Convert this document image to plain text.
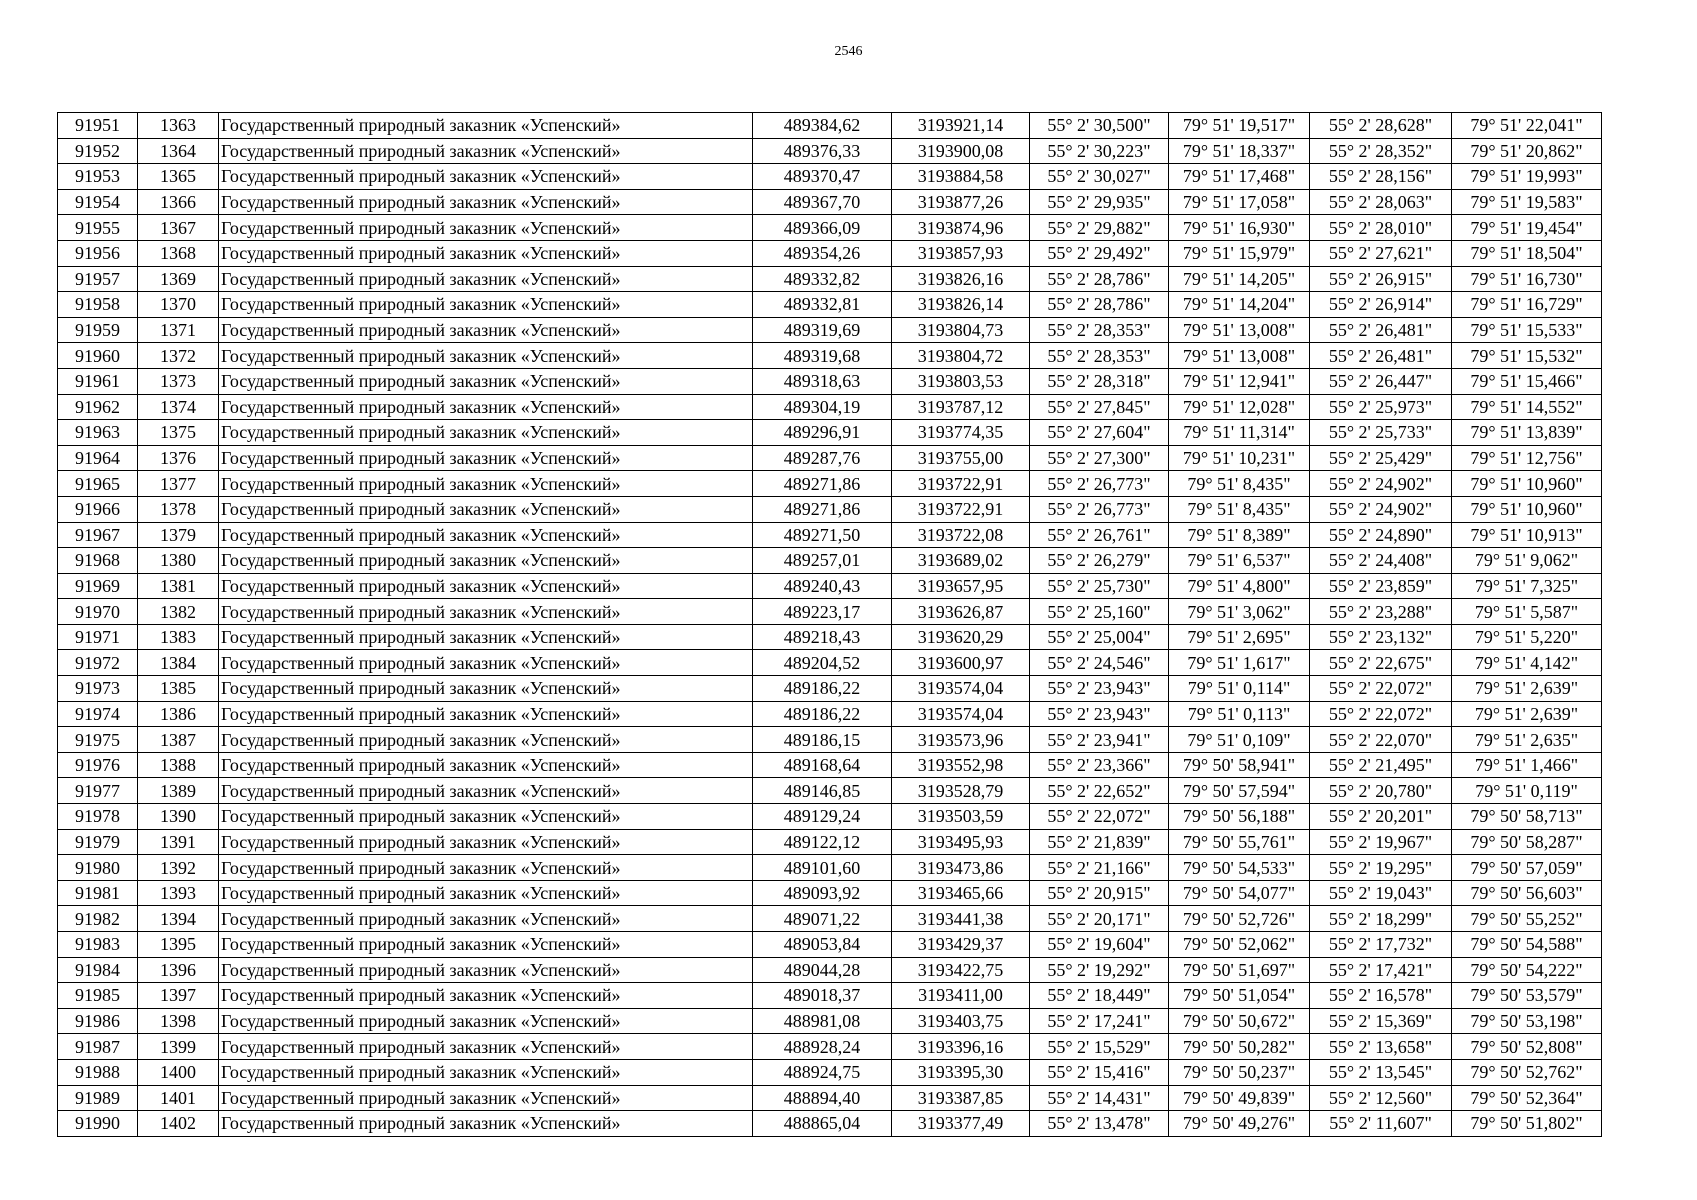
2546
91951	1363	Государственный природный заказник «Успенский»	489384,62	3193921,14	55° 2' 30,500"	79° 51' 19,517"	55° 2' 28,628"	79° 51' 22,041"
91952	1364	Государственный природный заказник «Успенский»	489376,33	3193900,08	55° 2' 30,223"	79° 51' 18,337"	55° 2' 28,352"	79° 51' 20,862"
91953	1365	Государственный природный заказник «Успенский»	489370,47	3193884,58	55° 2' 30,027"	79° 51' 17,468"	55° 2' 28,156"	79° 51' 19,993"
91954	1366	Государственный природный заказник «Успенский»	489367,70	3193877,26	55° 2' 29,935"	79° 51' 17,058"	55° 2' 28,063"	79° 51' 19,583"
91955	1367	Государственный природный заказник «Успенский»	489366,09	3193874,96	55° 2' 29,882"	79° 51' 16,930"	55° 2' 28,010"	79° 51' 19,454"
91956	1368	Государственный природный заказник «Успенский»	489354,26	3193857,93	55° 2' 29,492"	79° 51' 15,979"	55° 2' 27,621"	79° 51' 18,504"
91957	1369	Государственный природный заказник «Успенский»	489332,82	3193826,16	55° 2' 28,786"	79° 51' 14,205"	55° 2' 26,915"	79° 51' 16,730"
91958	1370	Государственный природный заказник «Успенский»	489332,81	3193826,14	55° 2' 28,786"	79° 51' 14,204"	55° 2' 26,914"	79° 51' 16,729"
91959	1371	Государственный природный заказник «Успенский»	489319,69	3193804,73	55° 2' 28,353"	79° 51' 13,008"	55° 2' 26,481"	79° 51' 15,533"
91960	1372	Государственный природный заказник «Успенский»	489319,68	3193804,72	55° 2' 28,353"	79° 51' 13,008"	55° 2' 26,481"	79° 51' 15,532"
91961	1373	Государственный природный заказник «Успенский»	489318,63	3193803,53	55° 2' 28,318"	79° 51' 12,941"	55° 2' 26,447"	79° 51' 15,466"
91962	1374	Государственный природный заказник «Успенский»	489304,19	3193787,12	55° 2' 27,845"	79° 51' 12,028"	55° 2' 25,973"	79° 51' 14,552"
91963	1375	Государственный природный заказник «Успенский»	489296,91	3193774,35	55° 2' 27,604"	79° 51' 11,314"	55° 2' 25,733"	79° 51' 13,839"
91964	1376	Государственный природный заказник «Успенский»	489287,76	3193755,00	55° 2' 27,300"	79° 51' 10,231"	55° 2' 25,429"	79° 51' 12,756"
91965	1377	Государственный природный заказник «Успенский»	489271,86	3193722,91	55° 2' 26,773"	79° 51' 8,435"	55° 2' 24,902"	79° 51' 10,960"
91966	1378	Государственный природный заказник «Успенский»	489271,86	3193722,91	55° 2' 26,773"	79° 51' 8,435"	55° 2' 24,902"	79° 51' 10,960"
91967	1379	Государственный природный заказник «Успенский»	489271,50	3193722,08	55° 2' 26,761"	79° 51' 8,389"	55° 2' 24,890"	79° 51' 10,913"
91968	1380	Государственный природный заказник «Успенский»	489257,01	3193689,02	55° 2' 26,279"	79° 51' 6,537"	55° 2' 24,408"	79° 51' 9,062"
91969	1381	Государственный природный заказник «Успенский»	489240,43	3193657,95	55° 2' 25,730"	79° 51' 4,800"	55° 2' 23,859"	79° 51' 7,325"
91970	1382	Государственный природный заказник «Успенский»	489223,17	3193626,87	55° 2' 25,160"	79° 51' 3,062"	55° 2' 23,288"	79° 51' 5,587"
91971	1383	Государственный природный заказник «Успенский»	489218,43	3193620,29	55° 2' 25,004"	79° 51' 2,695"	55° 2' 23,132"	79° 51' 5,220"
91972	1384	Государственный природный заказник «Успенский»	489204,52	3193600,97	55° 2' 24,546"	79° 51' 1,617"	55° 2' 22,675"	79° 51' 4,142"
91973	1385	Государственный природный заказник «Успенский»	489186,22	3193574,04	55° 2' 23,943"	79° 51' 0,114"	55° 2' 22,072"	79° 51' 2,639"
91974	1386	Государственный природный заказник «Успенский»	489186,22	3193574,04	55° 2' 23,943"	79° 51' 0,113"	55° 2' 22,072"	79° 51' 2,639"
91975	1387	Государственный природный заказник «Успенский»	489186,15	3193573,96	55° 2' 23,941"	79° 51' 0,109"	55° 2' 22,070"	79° 51' 2,635"
91976	1388	Государственный природный заказник «Успенский»	489168,64	3193552,98	55° 2' 23,366"	79° 50' 58,941"	55° 2' 21,495"	79° 51' 1,466"
91977	1389	Государственный природный заказник «Успенский»	489146,85	3193528,79	55° 2' 22,652"	79° 50' 57,594"	55° 2' 20,780"	79° 51' 0,119"
91978	1390	Государственный природный заказник «Успенский»	489129,24	3193503,59	55° 2' 22,072"	79° 50' 56,188"	55° 2' 20,201"	79° 50' 58,713"
91979	1391	Государственный природный заказник «Успенский»	489122,12	3193495,93	55° 2' 21,839"	79° 50' 55,761"	55° 2' 19,967"	79° 50' 58,287"
91980	1392	Государственный природный заказник «Успенский»	489101,60	3193473,86	55° 2' 21,166"	79° 50' 54,533"	55° 2' 19,295"	79° 50' 57,059"
91981	1393	Государственный природный заказник «Успенский»	489093,92	3193465,66	55° 2' 20,915"	79° 50' 54,077"	55° 2' 19,043"	79° 50' 56,603"
91982	1394	Государственный природный заказник «Успенский»	489071,22	3193441,38	55° 2' 20,171"	79° 50' 52,726"	55° 2' 18,299"	79° 50' 55,252"
91983	1395	Государственный природный заказник «Успенский»	489053,84	3193429,37	55° 2' 19,604"	79° 50' 52,062"	55° 2' 17,732"	79° 50' 54,588"
91984	1396	Государственный природный заказник «Успенский»	489044,28	3193422,75	55° 2' 19,292"	79° 50' 51,697"	55° 2' 17,421"	79° 50' 54,222"
91985	1397	Государственный природный заказник «Успенский»	489018,37	3193411,00	55° 2' 18,449"	79° 50' 51,054"	55° 2' 16,578"	79° 50' 53,579"
91986	1398	Государственный природный заказник «Успенский»	488981,08	3193403,75	55° 2' 17,241"	79° 50' 50,672"	55° 2' 15,369"	79° 50' 53,198"
91987	1399	Государственный природный заказник «Успенский»	488928,24	3193396,16	55° 2' 15,529"	79° 50' 50,282"	55° 2' 13,658"	79° 50' 52,808"
91988	1400	Государственный природный заказник «Успенский»	488924,75	3193395,30	55° 2' 15,416"	79° 50' 50,237"	55° 2' 13,545"	79° 50' 52,762"
91989	1401	Государственный природный заказник «Успенский»	488894,40	3193387,85	55° 2' 14,431"	79° 50' 49,839"	55° 2' 12,560"	79° 50' 52,364"
91990	1402	Государственный природный заказник «Успенский»	488865,04	3193377,49	55° 2' 13,478"	79° 50' 49,276"	55° 2' 11,607"	79° 50' 51,802"
